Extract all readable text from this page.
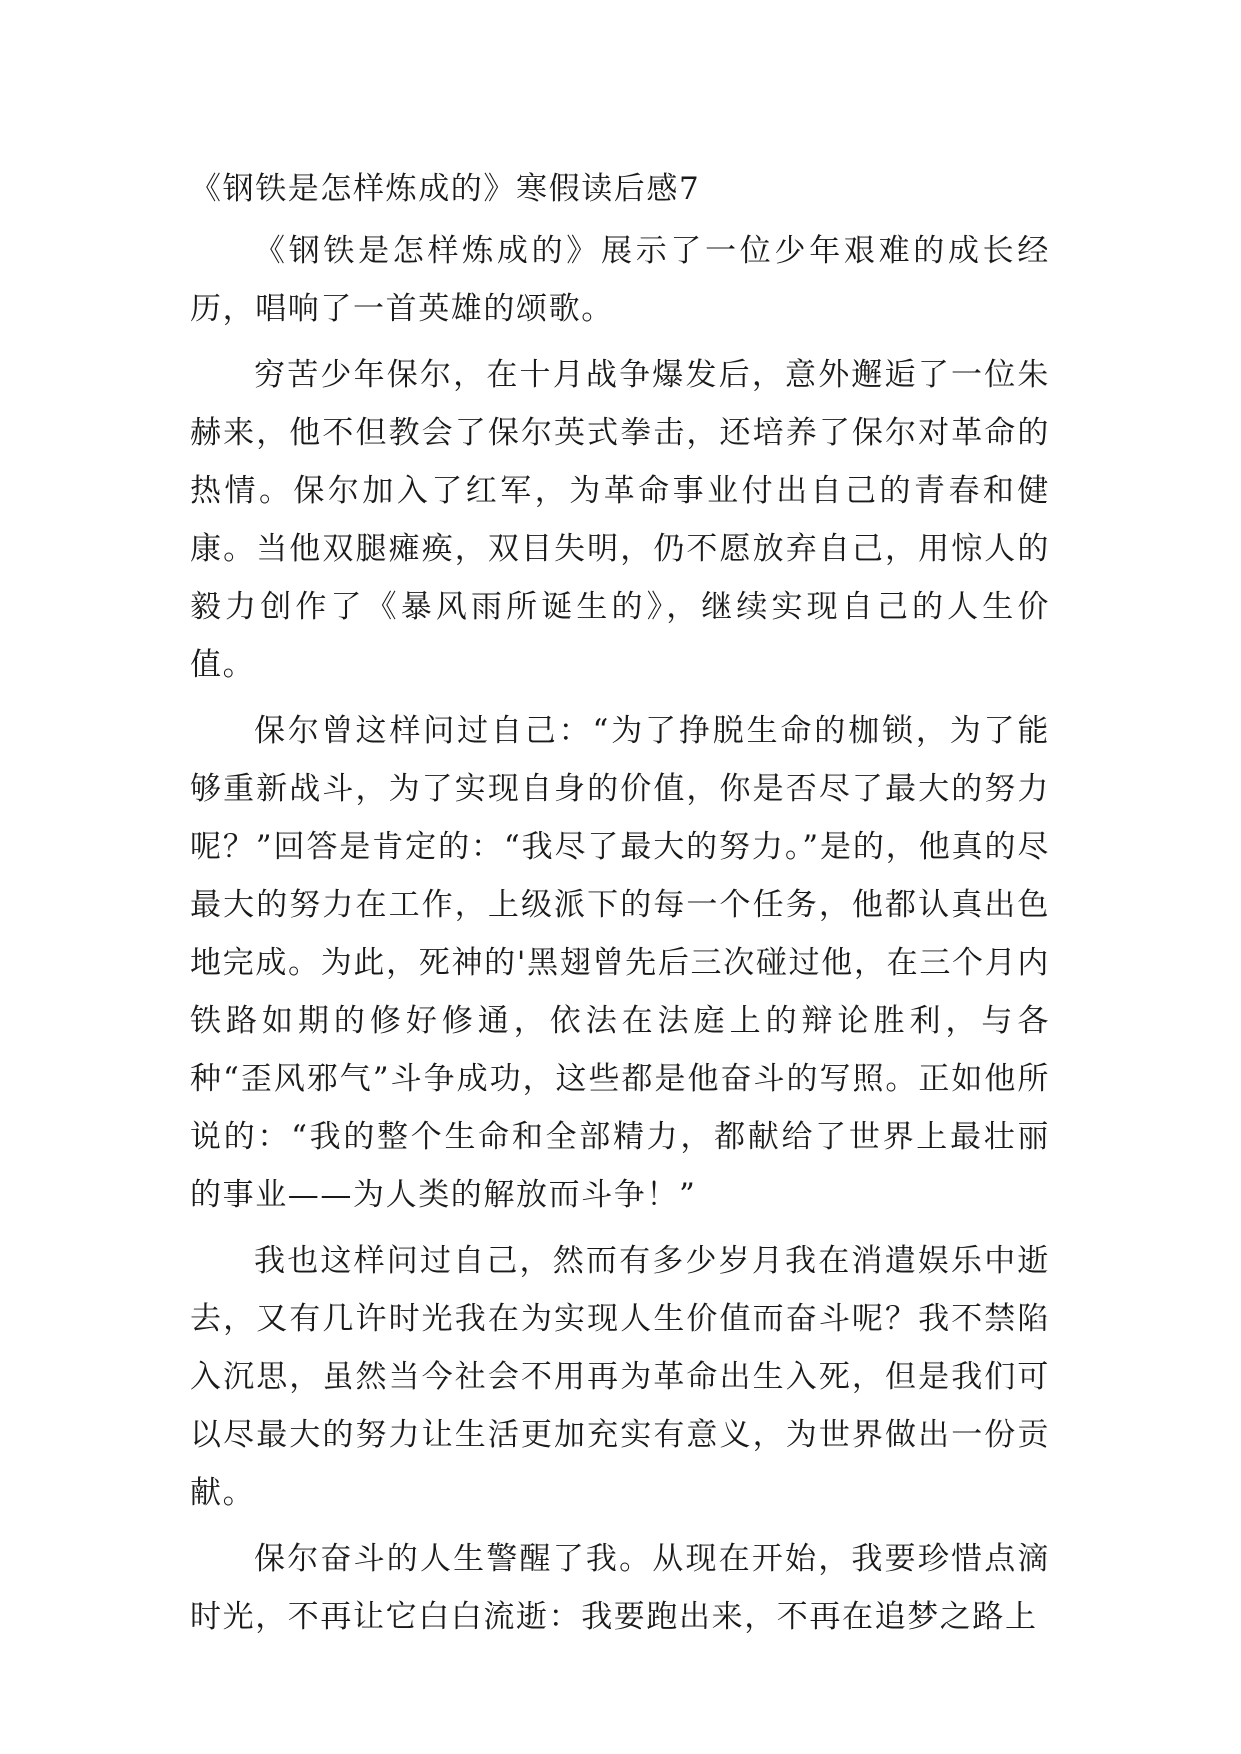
《钢铁是怎样炼成的》寒假读后感7

《钢铁是怎样炼成的》展示了一位少年艰难的成长经历，唱响了一首英雄的颂歌。

穷苦少年保尔，在十月战争爆发后，意外邂逅了一位朱赫来，他不但教会了保尔英式拳击，还培养了保尔对革命的热情。保尔加入了红军，为革命事业付出自己的青春和健康。当他双腿瘫痪，双目失明，仍不愿放弃自己，用惊人的毅力创作了《暴风雨所诞生的》，继续实现自己的人生价值。

保尔曾这样问过自己：“为了挣脱生命的枷锁，为了能够重新战斗，为了实现自身的价值，你是否尽了最大的努力呢？”回答是肯定的：“我尽了最大的努力。”是的，他真的尽最大的努力在工作，上级派下的每一个任务，他都认真出色地完成。为此，死神的'黑翅曾先后三次碰过他，在三个月内铁路如期的修好修通，依法在法庭上的辩论胜利，与各种“歪风邪气”斗争成功，这些都是他奋斗的写照。正如他所说的：“我的整个生命和全部精力，都献给了世界上最壮丽的事业——为人类的解放而斗争！”

我也这样问过自己，然而有多少岁月我在消遣娱乐中逝去，又有几许时光我在为实现人生价值而奋斗呢？我不禁陷入沉思，虽然当今社会不用再为革命出生入死，但是我们可以尽最大的努力让生活更加充实有意义，为世界做出一份贡献。

保尔奋斗的人生警醒了我。从现在开始，我要珍惜点滴时光，不再让它白白流逝：我要跑出来，不再在追梦之路上
